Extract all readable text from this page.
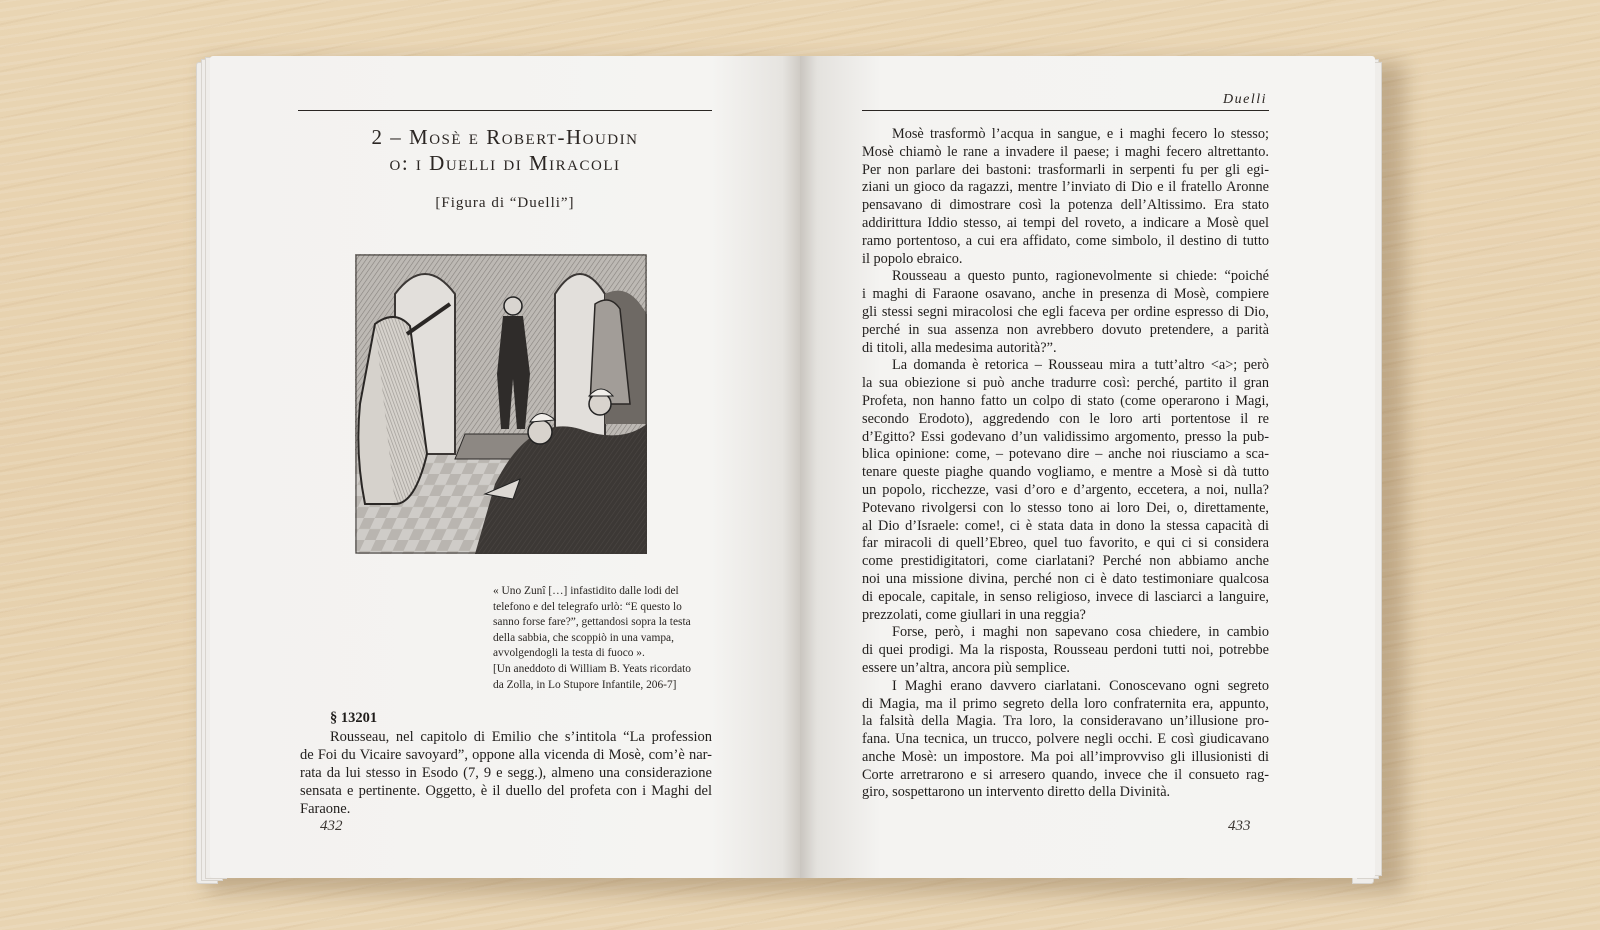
2 – Mosè e Robert-Houdin
o: i Duelli di Miracoli
[Figura di “Duelli”]
« Uno Zunî […] infastidito dalle lodi del
telefono e del telegrafo urlò: “E questo lo
sanno forse fare?”, gettandosi sopra la testa
della sabbia, che scoppiò in una vampa,
avvolgendogli la testa di fuoco ».
[Un aneddoto di William B. Yeats ricordato
da Zolla, in Lo Stupore Infantile, 206-7]
§ 13201
Rousseau, nel capitolo di Emilio che s’intitola “La profession
de Foi du Vicaire savoyard”, oppone alla vicenda di Mosè, com’è nar-
rata da lui stesso in Esodo (7, 9 e segg.), almeno una considerazione
sensata e pertinente. Oggetto, è il duello del profeta con i Maghi del
Faraone.
432
Duelli
Mosè trasformò l’acqua in sangue, e i maghi fecero lo stesso;
Mosè chiamò le rane a invadere il paese; i maghi fecero altrettanto.
Per non parlare dei bastoni: trasformarli in serpenti fu per gli egi-
ziani un gioco da ragazzi, mentre l’inviato di Dio e il fratello Aronne
pensavano di dimostrare così la potenza dell’Altissimo. Era stato
addirittura Iddio stesso, ai tempi del roveto, a indicare a Mosè quel
ramo portentoso, a cui era affidato, come simbolo, il destino di tutto
il popolo ebraico.
Rousseau a questo punto, ragionevolmente si chiede: “poiché
i maghi di Faraone osavano, anche in presenza di Mosè, compiere
gli stessi segni miracolosi che egli faceva per ordine espresso di Dio,
perché in sua assenza non avrebbero dovuto pretendere, a parità
di titoli, alla medesima autorità?”.
La domanda è retorica – Rousseau mira a tutt’altro <a>; però
la sua obiezione si può anche tradurre così: perché, partito il gran
Profeta, non hanno fatto un colpo di stato (come operarono i Magi,
secondo Erodoto), aggredendo con le loro arti portentose il re
d’Egitto? Essi godevano d’un validissimo argomento, presso la pub-
blica opinione: come, – potevano dire – anche noi riusciamo a sca-
tenare queste piaghe quando vogliamo, e mentre a Mosè si dà tutto
un popolo, ricchezze, vasi d’oro e d’argento, eccetera, a noi, nulla?
Potevano rivolgersi con lo stesso tono ai loro Dei, o, direttamente,
al Dio d’Israele: come!, ci è stata data in dono la stessa capacità di
far miracoli di quell’Ebreo, quel tuo favorito, e qui ci si considera
come prestidigitatori, come ciarlatani? Perché non abbiamo anche
noi una missione divina, perché non ci è dato testimoniare qualcosa
di epocale, capitale, in senso religioso, invece di lasciarci a languire,
prezzolati, come giullari in una reggia?
Forse, però, i maghi non sapevano cosa chiedere, in cambio
di quei prodigi. Ma la risposta, Rousseau perdoni tutti noi, potrebbe
essere un’altra, ancora più semplice.
I Maghi erano davvero ciarlatani. Conoscevano ogni segreto
di Magia, ma il primo segreto della loro confraternita era, appunto,
la falsità della Magia. Tra loro, la consideravano un’illusione pro-
fana. Una tecnica, un trucco, polvere negli occhi. E così giudicavano
anche Mosè: un impostore. Ma poi all’improvviso gli illusionisti di
Corte arretrarono e si arresero quando, invece che il consueto rag-
giro, sospettarono un intervento diretto della Divinità.
433
